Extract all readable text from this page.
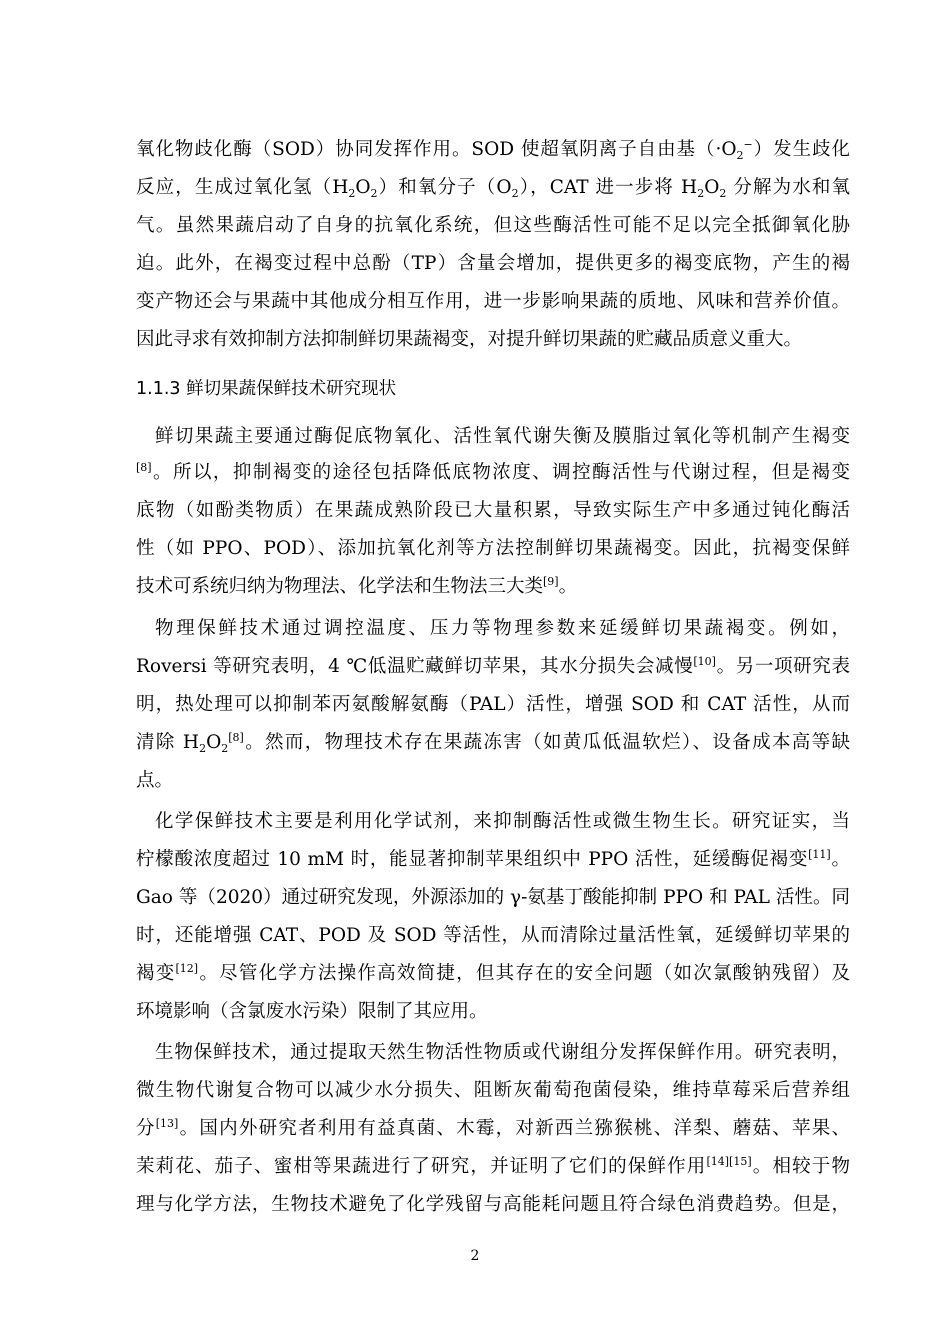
氧化物歧化酶（SOD）协同发挥作用。SOD 使超氧阴离子自由基$(\cdot O_2^-)$发生歧化
反应，生成过氧化氢$(H_2O_2)$和氧分子$(O_2)$，CAT 进一步将 $H_2O_2$ 分解为水和氧
气。虽然果蔬启动了自身的抗氧化系统，但这些酶活性可能不足以完全抵御氧化胁
迫。此外，在褐变过程中总酚（TP）含量会增加，提供更多的褐变底物，产生的褐
变产物还会与果蔬中其他成分相互作用，进一步影响果蔬的质地、风味和营养价值。
因此寻求有效抑制方法抑制鲜切果蔬褐变，对提升鲜切果蔬的贮藏品质意义重大。
1.1.3 鲜切果蔬保鲜技术研究现状
鲜切果蔬主要通过酶促底物氧化、活性氧代谢失衡及膜脂过氧化等机制产生褐变
[8]。所以，抑制褐变的途径包括降低底物浓度、调控酶活性与代谢过程，但是褐变
底物（如酚类物质）在果蔬成熟阶段已大量积累，导致实际生产中多通过钝化酶活
性（如 PPO、POD）、添加抗氧化剂等方法控制鲜切果蔬褐变。因此，抗褐变保鲜
技术可系统归纳为物理法、化学法和生物法三大类[9]。
物理保鲜技术通过调控温度、压力等物理参数来延缓鲜切果蔬褐变。例如，
Roversi 等研究表明，4 ℃低温贮藏鲜切苹果，其水分损失会减慢[10]。另一项研究表
明，热处理可以抑制苯丙氨酸解氨酶（PAL）活性，增强 SOD 和 CAT 活性，从而
清除 $H_2O_2[8]$。然而，物理技术存在果蔬冻害（如黄瓜低温软烂）、设备成本高等缺
点。
化学保鲜技术主要是利用化学试剂，来抑制酶活性或微生物生长。研究证实，当
柠檬酸浓度超过 10 mM 时，能显著抑制苹果组织中 PPO 活性，延缓酶促褐变[11]。
Gao 等（2020）通过研究发现，外源添加的 γ-氨基丁酸能抑制 PPO 和 PAL 活性。同
时，还能增强 CAT、POD 及 SOD 等活性，从而清除过量活性氧，延缓鲜切苹果的
褐变[12]。尽管化学方法操作高效简捷，但其存在的安全问题（如次氯酸钠残留）及
环境影响（含氯废水污染）限制了其应用。
生物保鲜技术，通过提取天然生物活性物质或代谢组分发挥保鲜作用。研究表明，
微生物代谢复合物可以减少水分损失、阻断灰葡萄孢菌侵染，维持草莓采后营养组
分[13]。国内外研究者利用有益真菌、木霉，对新西兰猕猴桃、洋梨、蘑菇、苹果、
茉莉花、茄子、蜜柑等果蔬进行了研究，并证明了它们的保鲜作用[14][15]。相较于物
理与化学方法，生物技术避免了化学残留与高能耗问题且符合绿色消费趋势。但是，
2
